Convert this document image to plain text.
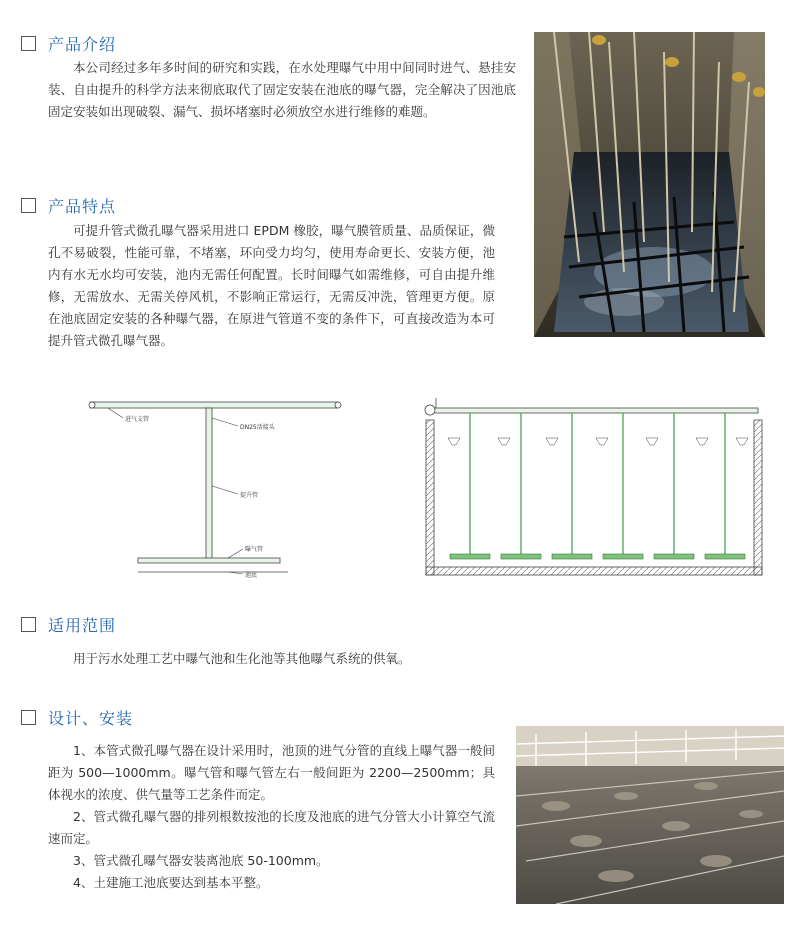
产品介绍
本公司经过多年多时间的研究和实践，在水处理曝气中用中间同时进气、悬挂安装、自由提升的科学方法来彻底取代了固定安装在池底的曝气器，完全解决了因池底固定安装如出现破裂、漏气、损坏堵塞时必须放空水进行维修的难题。
产品特点
可提升管式微孔曝气器采用进口 EPDM 橡胶，曝气膜管质量、品质保证，微孔不易破裂，性能可靠，不堵塞，环向受力均匀，使用寿命更长、安装方便，池内有水无水均可安装，池内无需任何配置。长时间曝气如需维修，可自由提升维修，无需放水、无需关停风机，不影响正常运行，无需反冲洗，管理更方便。原在池底固定安装的各种曝气器，在原进气管道不变的条件下，可直接改造为本可提升管式微孔曝气器。
进气支管
DN25活接头
提升管
曝气管
池底
适用范围
用于污水处理工艺中曝气池和生化池等其他曝气系统的供氧。
设计、安装

1、本管式微孔曝气器在设计采用时，池顶的进气分管的直线上曝气器一般间距为 500—1000mm。曝气管和曝气管左右一般间距为 2200—2500mm；具体视水的浓度、供气量等工艺条件而定。

2、管式微孔曝气器的排列根数按池的长度及池底的进气分管大小计算空气流速而定。

3、管式微孔曝气器安装离池底 50-100mm。

4、土建施工池底要达到基本平整。
